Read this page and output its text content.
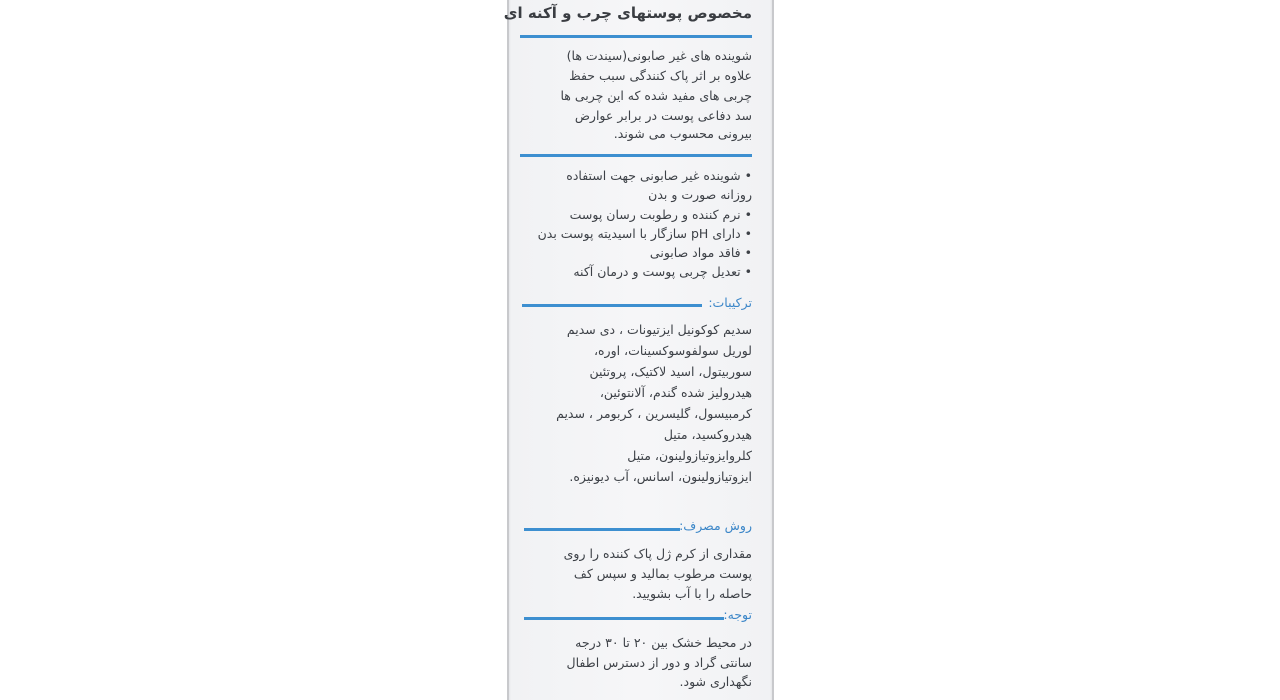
مخصوص پوستهای چرب و آکنه ای
شوینده های غیر صابونی(سیندت ها)
علاوه بر اثر پاک کنندگی سبب حفظ
چربی های مفید شده که این چربی ها
سد دفاعی پوست در برابر عوارض
بیرونی محسوب می شوند.
• شوینده غیر صابونی جهت استفاده
روزانه صورت و بدن
• نرم کننده و رطوبت رسان پوست
• دارای pH سازگار با اسیدیته پوست بدن
• فاقد مواد صابونی
• تعدیل چربی پوست و درمان آکنه
ترکیبات:
سدیم کوکونیل ایزتیونات ، دی سدیم
لوریل سولفوسوکسینات، اوره،
سوربیتول، اسید لاکتیک، پروتئین
هیدرولیز شده گندم، آلانتوئین،
کرمبیسول، گلیسرین ، کربومر ، سدیم
هیدروکسید، متیل
کلروایزوتیازولینون، متیل
ایزوتیازولینون، اسانس، آب دیونیزه.
روش مصرف:
مقداری از کرم ژل پاک کننده را روی
پوست مرطوب بمالید و سپس کف
حاصله را با آب بشویید.
توجه:
در محیط خشک بین ۲۰ تا ۳۰ درجه
سانتی گراد و دور از دسترس اطفال
نگهداری شود.
